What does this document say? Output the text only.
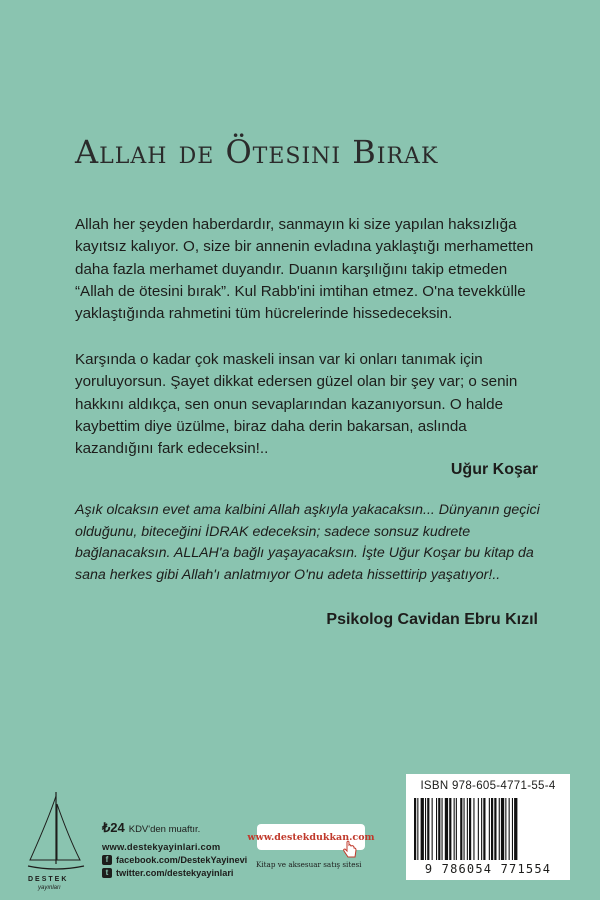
Allah de Ötesini Bırak

Allah her şeyden haberdardır, sanmayın ki size yapılan haksızlığa kayıtsız kalıyor. O, size bir annenin evladına yaklaştığı merhametten daha fazla merhamet duyandır. Duanın karşılığını takip etmeden “Allah de ötesini bırak”. Kul Rabb'ini imtihan etmez. O'na tevekkülle yaklaştığında rahmetini tüm hücrelerinde hissedeceksin.

Karşında o kadar çok maskeli insan var ki onları tanımak için yoruluyorsun. Şayet dikkat edersen güzel olan bir şey var; o senin hakkını aldıkça, sen onun sevaplarından kazanıyorsun. O halde kaybettim diye üzülme, biraz daha derin bakarsan, aslında kazandığını fark edeceksin!..

Uğur Koşar

Aşık olcaksın evet ama kalbini Allah aşkıyla yakacaksın... Dünyanın geçici olduğunu, biteceğini İDRAK edeceksin; sadece sonsuz kudrete bağlanacaksın. ALLAH'a bağlı yaşayacaksın. İşte Uğur Koşar bu kitap da sana herkes gibi Allah'ı anlatmıyor O'nu adeta hissettirip yaşatıyor!..

Psikolog Cavidan Ebru Kızıl
DESTEK
yayınları
₺24 KDV'den muaftır.
www.destekyayinlari.com
f facebook.com/DestekYayinevi
t twitter.com/destekyayinlari
www.destekdukkan.com
Kitap ve aksesuar satış sitesi
ISBN 978-605-4771-55-4
9 786054 771554
